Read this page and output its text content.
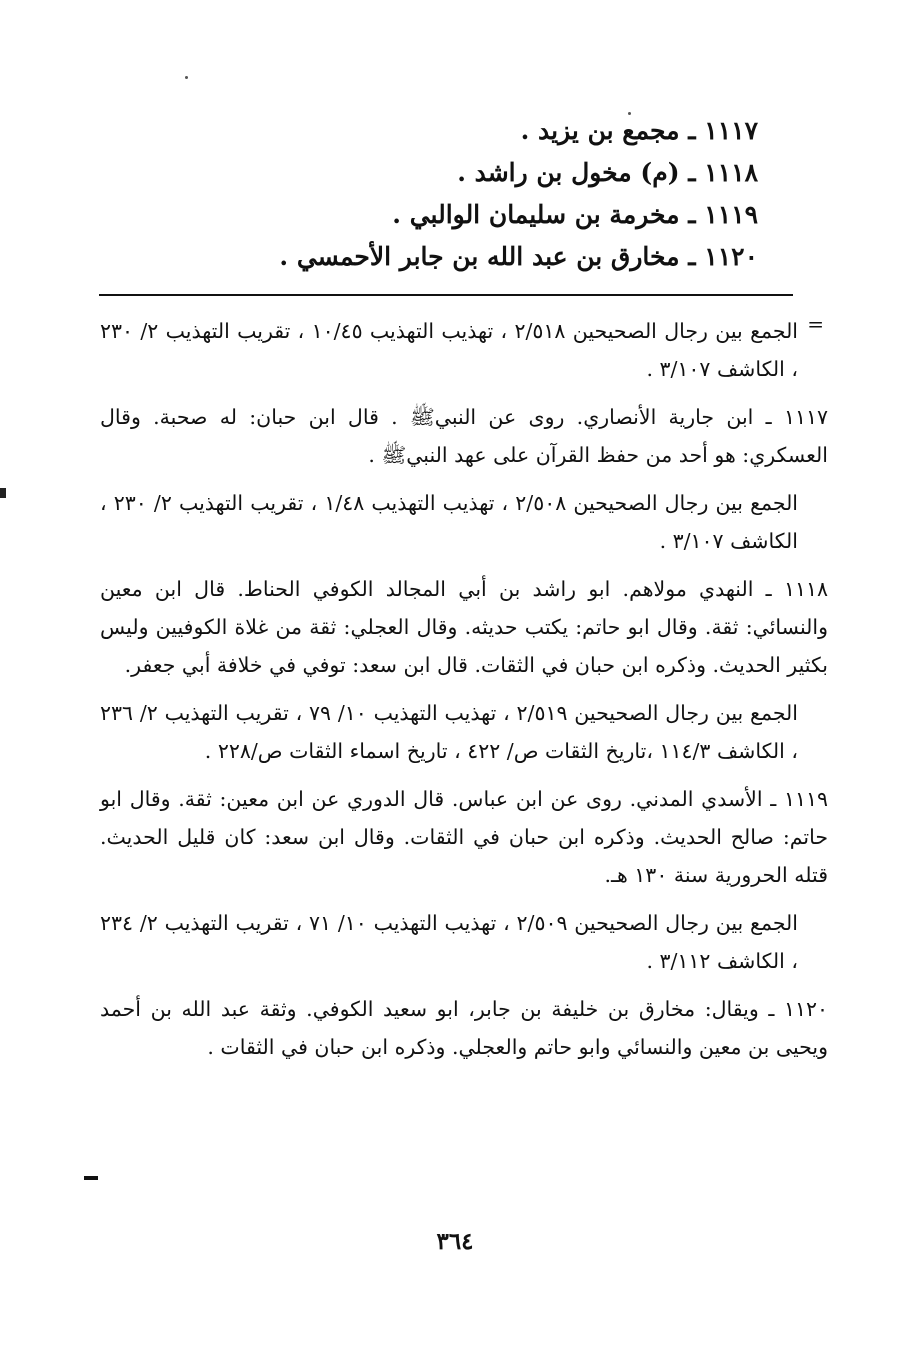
١١١٧ ـ مجمع بن يزيد .
١١١٨ ـ (م) مخول بن راشد .
١١١٩ ـ مخرمة بن سليمان الوالبي .
١١٢٠ ـ مخارق بن عبد الله بن جابر الأحمسي .
=

الجمع بين رجال الصحيحين ٢/٥١٨ ، تهذيب التهذيب ١٠/٤٥ ، تقريب التهذيب ٢/ ٢٣٠ ، الكاشف ٣/١٠٧ .

١١١٧ ـ ابن جارية الأنصاري. روى عن النبيﷺ . قال ابن حبان: له صحبة. وقال العسكري: هو أحد من حفظ القرآن على عهد النبيﷺ .

الجمع بين رجال الصحيحين ٢/٥٠٨ ، تهذيب التهذيب ١/٤٨ ، تقريب التهذيب ٢/ ٢٣٠ ، الكاشف ٣/١٠٧ .

١١١٨ ـ النهدي مولاهم. ابو راشد بن أبي المجالد الكوفي الحناط. قال ابن معين والنسائي: ثقة. وقال ابو حاتم: يكتب حديثه. وقال العجلي: ثقة من غلاة الكوفيين وليس بكثير الحديث. وذكره ابن حبان في الثقات. قال ابن سعد: توفي في خلافة أبي جعفر.

الجمع بين رجال الصحيحين ٢/٥١٩ ، تهذيب التهذيب ١٠/ ٧٩ ، تقريب التهذيب ٢/ ٢٣٦ ، الكاشف ١١٤/٣ ،تاريخ الثقات ص/ ٤٢٢ ، تاريخ اسماء الثقات ص/٢٢٨ .

١١١٩ ـ الأسدي المدني. روى عن ابن عباس. قال الدوري عن ابن معين: ثقة. وقال ابو حاتم: صالح الحديث. وذكره ابن حبان في الثقات. وقال ابن سعد: كان قليل الحديث. قتله الحرورية سنة ١٣٠ هـ.

الجمع بين رجال الصحيحين ٢/٥٠٩ ، تهذيب التهذيب ١٠/ ٧١ ، تقريب التهذيب ٢/ ٢٣٤ ، الكاشف ٣/١١٢ .

١١٢٠ ـ ويقال: مخارق بن خليفة بن جابر، ابو سعيد الكوفي. وثقة عبد الله بن أحمد ويحيى بن معين والنسائي وابو حاتم والعجلي. وذكره ابن حبان في الثقات .

٣٦٤
